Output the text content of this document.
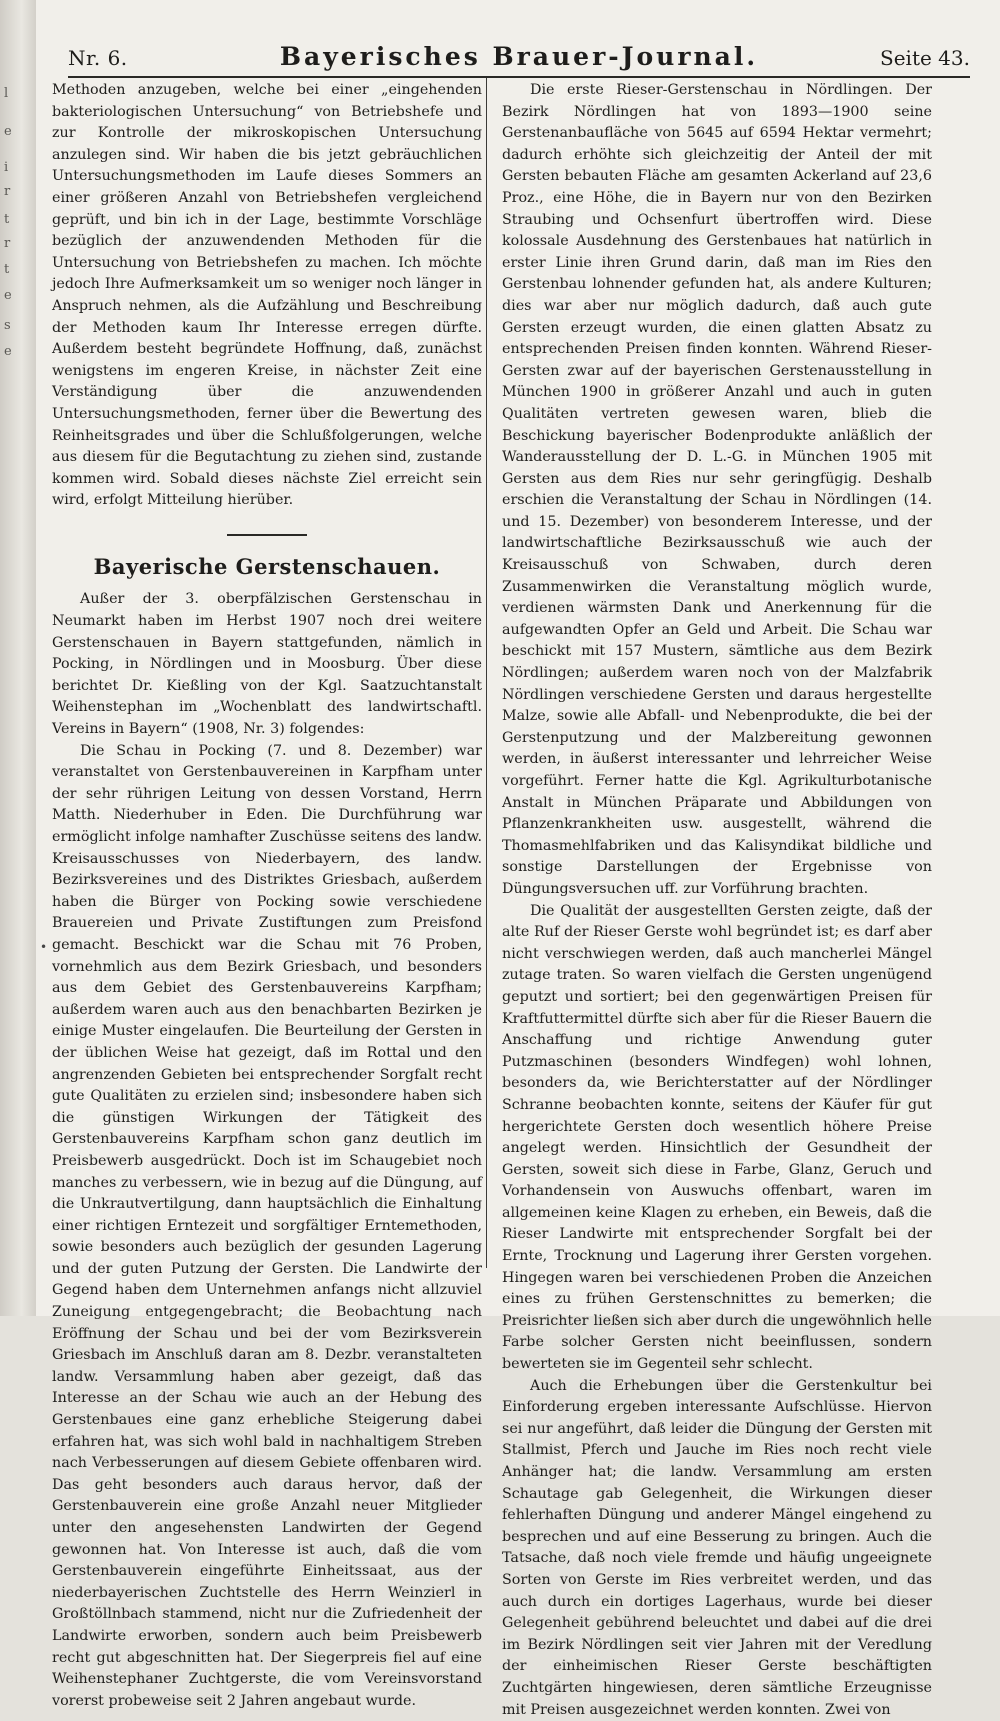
l
e
i
r
t
r
t
e
s
e
Nr. 6.	Bayerisches Brauer-Journal.	Seite 43.

Methoden anzugeben, welche bei einer „eingehenden bakteriologischen Untersuchung“ von Betriebshefe und zur Kontrolle der mikroskopischen Untersuchung anzulegen sind. Wir haben die bis jetzt gebräuchlichen Untersuchungsmethoden im Laufe dieses Sommers an einer größeren Anzahl von Betriebshefen vergleichend geprüft, und bin ich in der Lage, bestimmte Vorschläge bezüglich der anzuwendenden Methoden für die Untersuchung von Betriebshefen zu machen. Ich möchte jedoch Ihre Aufmerksamkeit um so weniger noch länger in Anspruch nehmen, als die Aufzählung und Beschreibung der Methoden kaum Ihr Interesse erregen dürfte. Außerdem besteht begründete Hoffnung, daß, zunächst wenigstens im engeren Kreise, in nächster Zeit eine Verständigung über die anzuwendenden Untersuchungsmethoden, ferner über die Bewertung des Reinheitsgrades und über die Schlußfolgerungen, welche aus diesem für die Begutachtung zu ziehen sind, zustande kommen wird. Sobald dieses nächste Ziel erreicht sein wird, erfolgt Mitteilung hierüber.

Bayerische Gerstenschauen.

Außer der 3. oberpfälzischen Gerstenschau in Neumarkt haben im Herbst 1907 noch drei weitere Gerstenschauen in Bayern stattgefunden, nämlich in Pocking, in Nördlingen und in Moosburg. Über diese berichtet Dr. Kießling von der Kgl. Saatzuchtanstalt Weihenstephan im „Wochenblatt des landwirtschaftl. Vereins in Bayern“ (1908, Nr. 3) folgendes:

Die Schau in Pocking (7. und 8. Dezember) war veranstaltet von Gerstenbauvereinen in Karpfham unter der sehr rührigen Leitung von dessen Vorstand, Herrn Matth. Niederhuber in Eden. Die Durchführung war ermöglicht infolge namhafter Zuschüsse seitens des landw. Kreisausschusses von Niederbayern, des landw. Bezirksvereines und des Distriktes Griesbach, außerdem haben die Bürger von Pocking sowie verschiedene Brauereien und Private Zustiftungen zum Preisfond gemacht. Beschickt war die Schau mit 76 Proben, vornehmlich aus dem Bezirk Griesbach, und besonders aus dem Gebiet des Gerstenbauvereins Karpfham; außerdem waren auch aus den benachbarten Bezirken je einige Muster eingelaufen. Die Beurteilung der Gersten in der üblichen Weise hat gezeigt, daß im Rottal und den angrenzenden Gebieten bei entsprechender Sorgfalt recht gute Qualitäten zu erzielen sind; insbesondere haben sich die günstigen Wirkungen der Tätigkeit des Gerstenbauvereins Karpfham schon ganz deutlich im Preisbewerb ausgedrückt. Doch ist im Schaugebiet noch manches zu verbessern, wie in bezug auf die Düngung, auf die Unkrautvertilgung, dann hauptsächlich die Einhaltung einer richtigen Erntezeit und sorgfältiger Erntemethoden, sowie besonders auch bezüglich der gesunden Lagerung und der guten Putzung der Gersten. Die Landwirte der Gegend haben dem Unternehmen anfangs nicht allzuviel Zuneigung entgegengebracht; die Beobachtung nach Eröffnung der Schau und bei der vom Bezirksverein Griesbach im Anschluß daran am 8. Dezbr. veranstalteten landw. Versammlung haben aber gezeigt, daß das Interesse an der Schau wie auch an der Hebung des Gerstenbaues eine ganz erhebliche Steigerung dabei erfahren hat, was sich wohl bald in nachhaltigem Streben nach Verbesserungen auf diesem Gebiete offenbaren wird. Das geht besonders auch daraus hervor, daß der Gerstenbauverein eine große Anzahl neuer Mitglieder unter den angesehensten Landwirten der Gegend gewonnen hat. Von Interesse ist auch, daß die vom Gerstenbauverein eingeführte Einheitssaat, aus der niederbayerischen Zuchtstelle des Herrn Weinzierl in Großtöllnbach stammend, nicht nur die Zufriedenheit der Landwirte erworben, sondern auch beim Preisbewerb recht gut abgeschnitten hat. Der Siegerpreis fiel auf eine Weihenstephaner Zuchtgerste, die vom Vereinsvorstand vorerst probeweise seit 2 Jahren angebaut wurde.

Die erste Rieser-Gerstenschau in Nördlingen. Der Bezirk Nördlingen hat von 1893—1900 seine Gerstenanbaufläche von 5645 auf 6594 Hektar vermehrt; dadurch erhöhte sich gleichzeitig der Anteil der mit Gersten bebauten Fläche am gesamten Ackerland auf 23,6 Proz., eine Höhe, die in Bayern nur von den Bezirken Straubing und Ochsenfurt übertroffen wird. Diese kolossale Ausdehnung des Gerstenbaues hat natürlich in erster Linie ihren Grund darin, daß man im Ries den Gerstenbau lohnender gefunden hat, als andere Kulturen; dies war aber nur möglich dadurch, daß auch gute Gersten erzeugt wurden, die einen glatten Absatz zu entsprechenden Preisen finden konnten. Während Rieser-Gersten zwar auf der bayerischen Gerstenausstellung in München 1900 in größerer Anzahl und auch in guten Qualitäten vertreten gewesen waren, blieb die Beschickung bayerischer Bodenprodukte anläßlich der Wanderausstellung der D. L.-G. in München 1905 mit Gersten aus dem Ries nur sehr geringfügig. Deshalb erschien die Veranstaltung der Schau in Nördlingen (14. und 15. Dezember) von besonderem Interesse, und der landwirtschaftliche Bezirksausschuß wie auch der Kreisausschuß von Schwaben, durch deren Zusammenwirken die Veranstaltung möglich wurde, verdienen wärmsten Dank und Anerkennung für die aufgewandten Opfer an Geld und Arbeit. Die Schau war beschickt mit 157 Mustern, sämtliche aus dem Bezirk Nördlingen; außerdem waren noch von der Malzfabrik Nördlingen verschiedene Gersten und daraus hergestellte Malze, sowie alle Abfall- und Nebenprodukte, die bei der Gerstenputzung und der Malzbereitung gewonnen werden, in äußerst interessanter und lehrreicher Weise vorgeführt. Ferner hatte die Kgl. Agrikulturbotanische Anstalt in München Präparate und Abbildungen von Pflanzenkrankheiten usw. ausgestellt, während die Thomasmehlfabriken und das Kalisyndikat bildliche und sonstige Darstellungen der Ergebnisse von Düngungsversuchen uff. zur Vorführung brachten.

Die Qualität der ausgestellten Gersten zeigte, daß der alte Ruf der Rieser Gerste wohl begründet ist; es darf aber nicht verschwiegen werden, daß auch mancherlei Mängel zutage traten. So waren vielfach die Gersten ungenügend geputzt und sortiert; bei den gegenwärtigen Preisen für Kraftfuttermittel dürfte sich aber für die Rieser Bauern die Anschaffung und richtige Anwendung guter Putzmaschinen (besonders Windfegen) wohl lohnen, besonders da, wie Berichterstatter auf der Nördlinger Schranne beobachten konnte, seitens der Käufer für gut hergerichtete Gersten doch wesentlich höhere Preise angelegt werden. Hinsichtlich der Gesundheit der Gersten, soweit sich diese in Farbe, Glanz, Geruch und Vorhandensein von Auswuchs offenbart, waren im allgemeinen keine Klagen zu erheben, ein Beweis, daß die Rieser Landwirte mit entsprechender Sorgfalt bei der Ernte, Trocknung und Lagerung ihrer Gersten vorgehen. Hingegen waren bei verschiedenen Proben die Anzeichen eines zu frühen Gerstenschnittes zu bemerken; die Preisrichter ließen sich aber durch die ungewöhnlich helle Farbe solcher Gersten nicht beeinflussen, sondern bewerteten sie im Gegenteil sehr schlecht.

Auch die Erhebungen über die Gerstenkultur bei Einforderung ergeben interessante Aufschlüsse. Hiervon sei nur angeführt, daß leider die Düngung der Gersten mit Stallmist, Pferch und Jauche im Ries noch recht viele Anhänger hat; die landw. Versammlung am ersten Schautage gab Gelegenheit, die Wirkungen dieser fehlerhaften Düngung und anderer Mängel eingehend zu besprechen und auf eine Besserung zu bringen. Auch die Tatsache, daß noch viele fremde und häufig ungeeignete Sorten von Gerste im Ries verbreitet werden, und das auch durch ein dortiges Lagerhaus, wurde bei dieser Gelegenheit gebührend beleuchtet und dabei auf die drei im Bezirk Nördlingen seit vier Jahren mit der Veredlung der einheimischen Rieser Gerste beschäftigten Zuchtgärten hingewiesen, deren sämtliche Erzeugnisse mit Preisen ausgezeichnet werden konnten. Zwei von

•
